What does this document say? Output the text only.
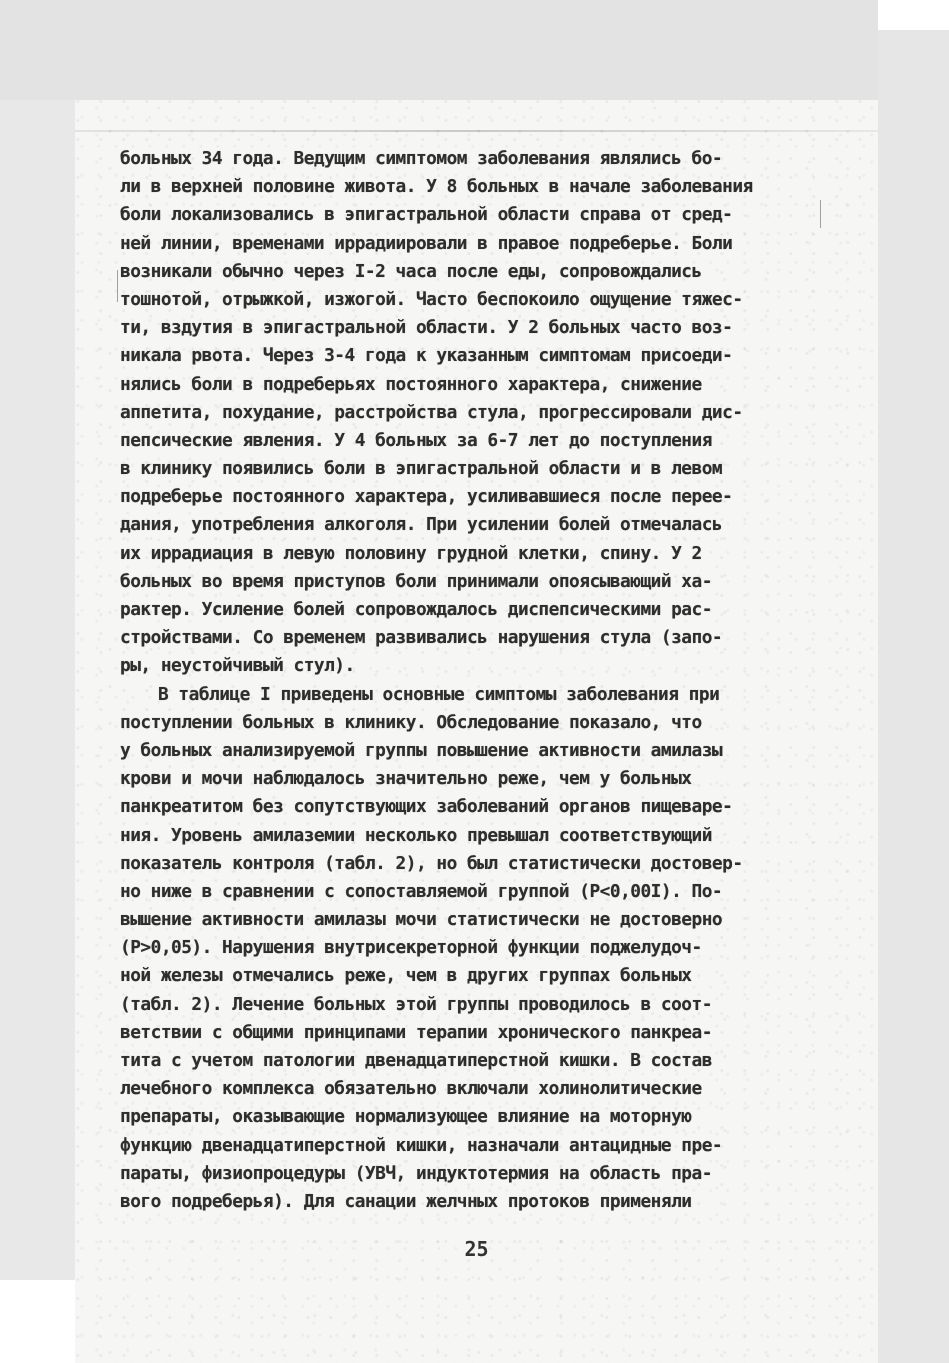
больных 34 года. Ведущим симптомом заболевания являлись бо-
ли в верхней половине живота. У 8 больных в начале заболевания
боли локализовались в эпигастральной области справа от сред-
ней линии, временами иррадиировали в правое подреберье. Боли
возникали обычно через I-2 часа после еды, сопровождались
тошнотой, отрыжкой, изжогой. Часто беспокоило ощущение тяжес-
ти, вздутия в эпигастральной области. У 2 больных часто воз-
никала рвота. Через 3-4 года к указанным симптомам присоеди-
нялись боли в подреберьях постоянного характера, снижение
аппетита, похудание, расстройства стула, прогрессировали дис-
пепсические явления. У 4 больных за 6-7 лет до поступления
в клинику появились боли в эпигастральной области и в левом
подреберье постоянного характера, усиливавшиеся после переe-
дания, употребления алкоголя. При усилении болей отмечалась
их иррадиация в левую половину грудной клетки, спину. У 2
больных во время приступов боли принимали опоясывающий ха-
рактер. Усиление болей сопровождалось диспепсическими рас-
стройствами. Со временем развивались нарушения стула (запо-
ры, неустойчивый стул).
В таблице I приведены основные симптомы заболевания при
поступлении больных в клинику. Обследование показало, что
у больных анализируемой группы повышение активности амилазы
крови и мочи наблюдалось значительно реже, чем у больных
панкреатитом без сопутствующих заболеваний органов пищеваре-
ния. Уровень амилаземии несколько превышал соответствующий
показатель контроля (табл. 2), но был статистически достовер-
но ниже в сравнении с сопоставляемой группой (P<0,00I). По-
вышение активности амилазы мочи статистически не достоверно
(P>0,05). Нарушения внутрисекреторной функции поджелудоч-
ной железы отмечались реже, чем в других группах больных
(табл. 2). Лечение больных этой группы проводилось в соот-
ветствии с общими принципами терапии хронического панкреа-
тита с учетом патологии двенадцатиперстной кишки. В состав
лечебного комплекса обязательно включали холинолитические
препараты, оказывающие нормализующее влияние на моторную
функцию двенадцатиперстной кишки, назначали антацидные пре-
параты, физиопроцедуры (УВЧ, индуктотермия на область пра-
вого подреберья). Для санации желчных протоков применяли
25
